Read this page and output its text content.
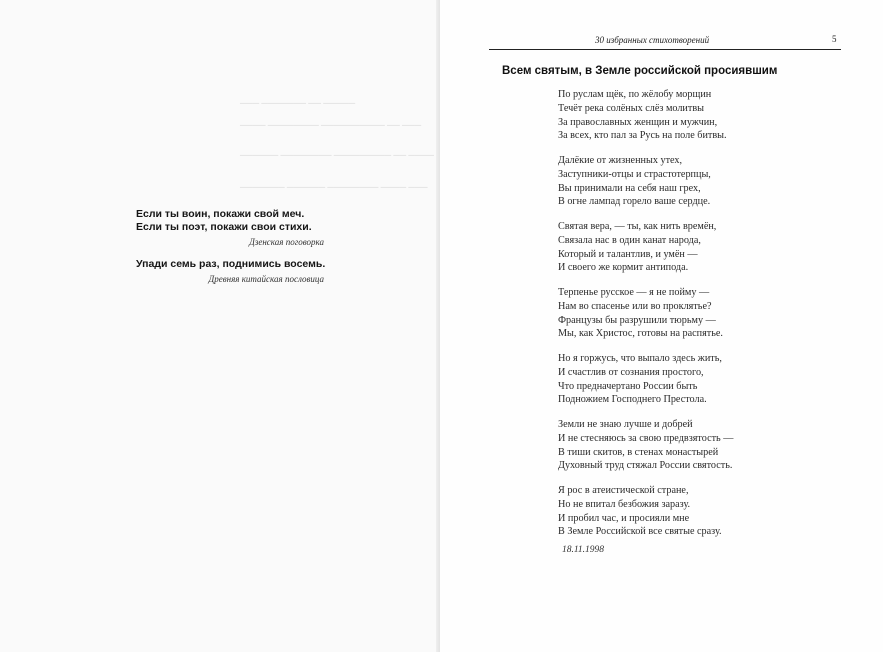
─── ─────── ── ─────
──── ──────── ────────── ── ───
────── ──────── ───────── ── ────
─────── ────── ──────── ──── ───
Если ты воин, покажи свой меч.
Если ты поэт, покажи свои стихи.
Дзенская поговорка
Упади семь раз, поднимись восемь.
Древняя китайская пословица
30 избранных стихотворений	5
Всем святым, в Земле российской просиявшим
По руслам щёк, по жёлобу морщин
Течёт река солёных слёз молитвы
За православных женщин и мужчин,
За всех, кто пал за Русь на поле битвы.
Далёкие от жизненных утех,
Заступники-отцы и страстотерпцы,
Вы принимали на себя наш грех,
В огне лампад горело ваше сердце.
Святая вера, — ты, как нить времён,
Связала нас в один канат народа,
Который и талантлив, и умён —
И своего же кормит антипода.
Терпенье русское — я не пойму —
Нам во спасенье или во проклятье?
Французы бы разрушили тюрьму —
Мы, как Христос, готовы на распятье.
Но я горжусь, что выпало здесь жить,
И счастлив от сознания простого,
Что предначертано России быть
Подножием Господнего Престола.
Земли не знаю лучше и добрей
И не стесняюсь за свою предвзятость —
В тиши скитов, в стенах монастырей
Духовный труд стяжал России святость.
Я рос в атеистической стране,
Но не впитал безбожия заразу.
И пробил час, и просияли мне
В Земле Российской все святые сразу.
18.11.1998
